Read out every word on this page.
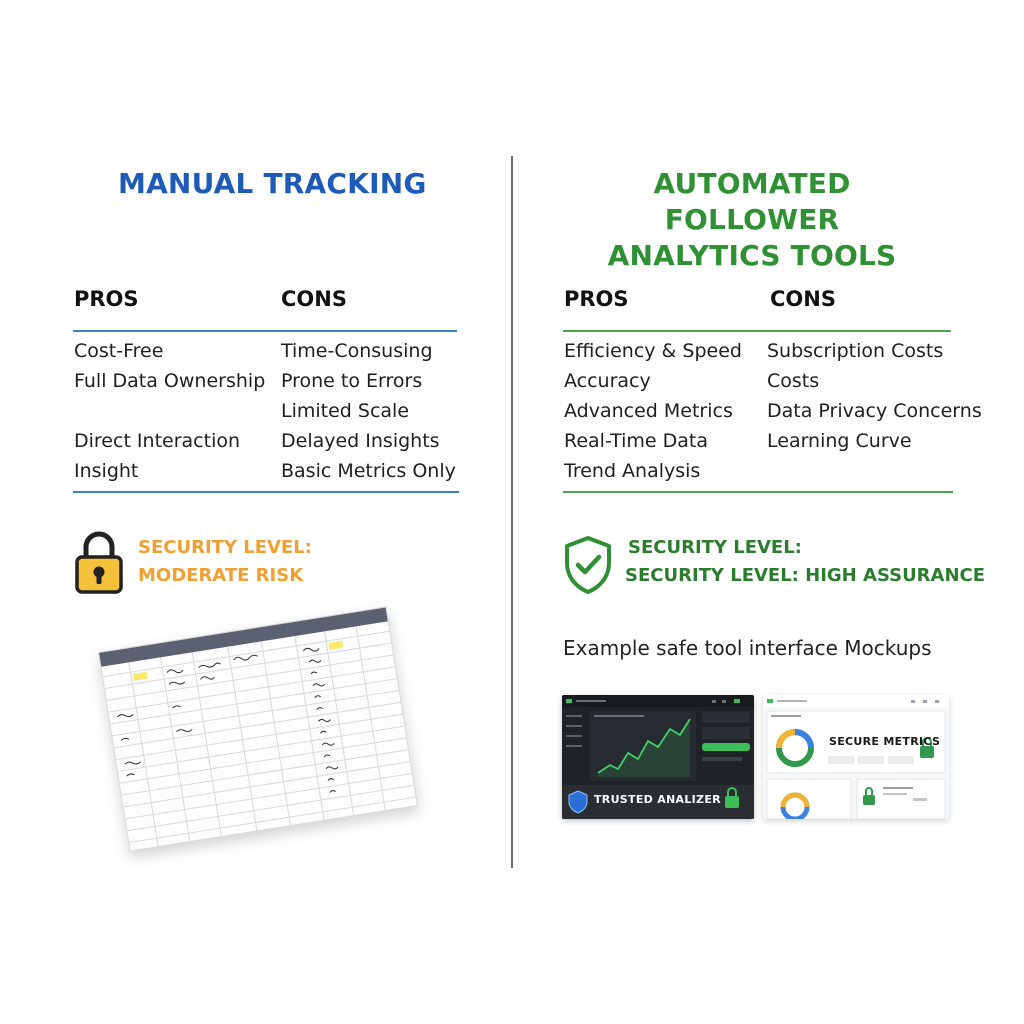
MANUAL TRACKING
PROS	CONS
Cost-Free
Full Data Ownership
Direct Interaction
Insight
Time-Consusing
Prone to Errors
Limited Scale
Delayed Insights
Basic Metrics Only
SECURITY LEVEL:
MODERATE RISK
AUTOMATED FOLLOWER
ANALYTICS TOOLS
PROS	CONS
Efficiency & Speed
Accuracy
Advanced Metrics
Real-Time Data
Trend Analysis
Subscription Costs
Costs
Data Privacy Concerns
Learning Curve
SECURITY LEVEL:
SECURITY LEVEL: HIGH ASSURANCE
Example safe tool interface Mockups
TRUSTED ANALIZER
SECURE METRICS
